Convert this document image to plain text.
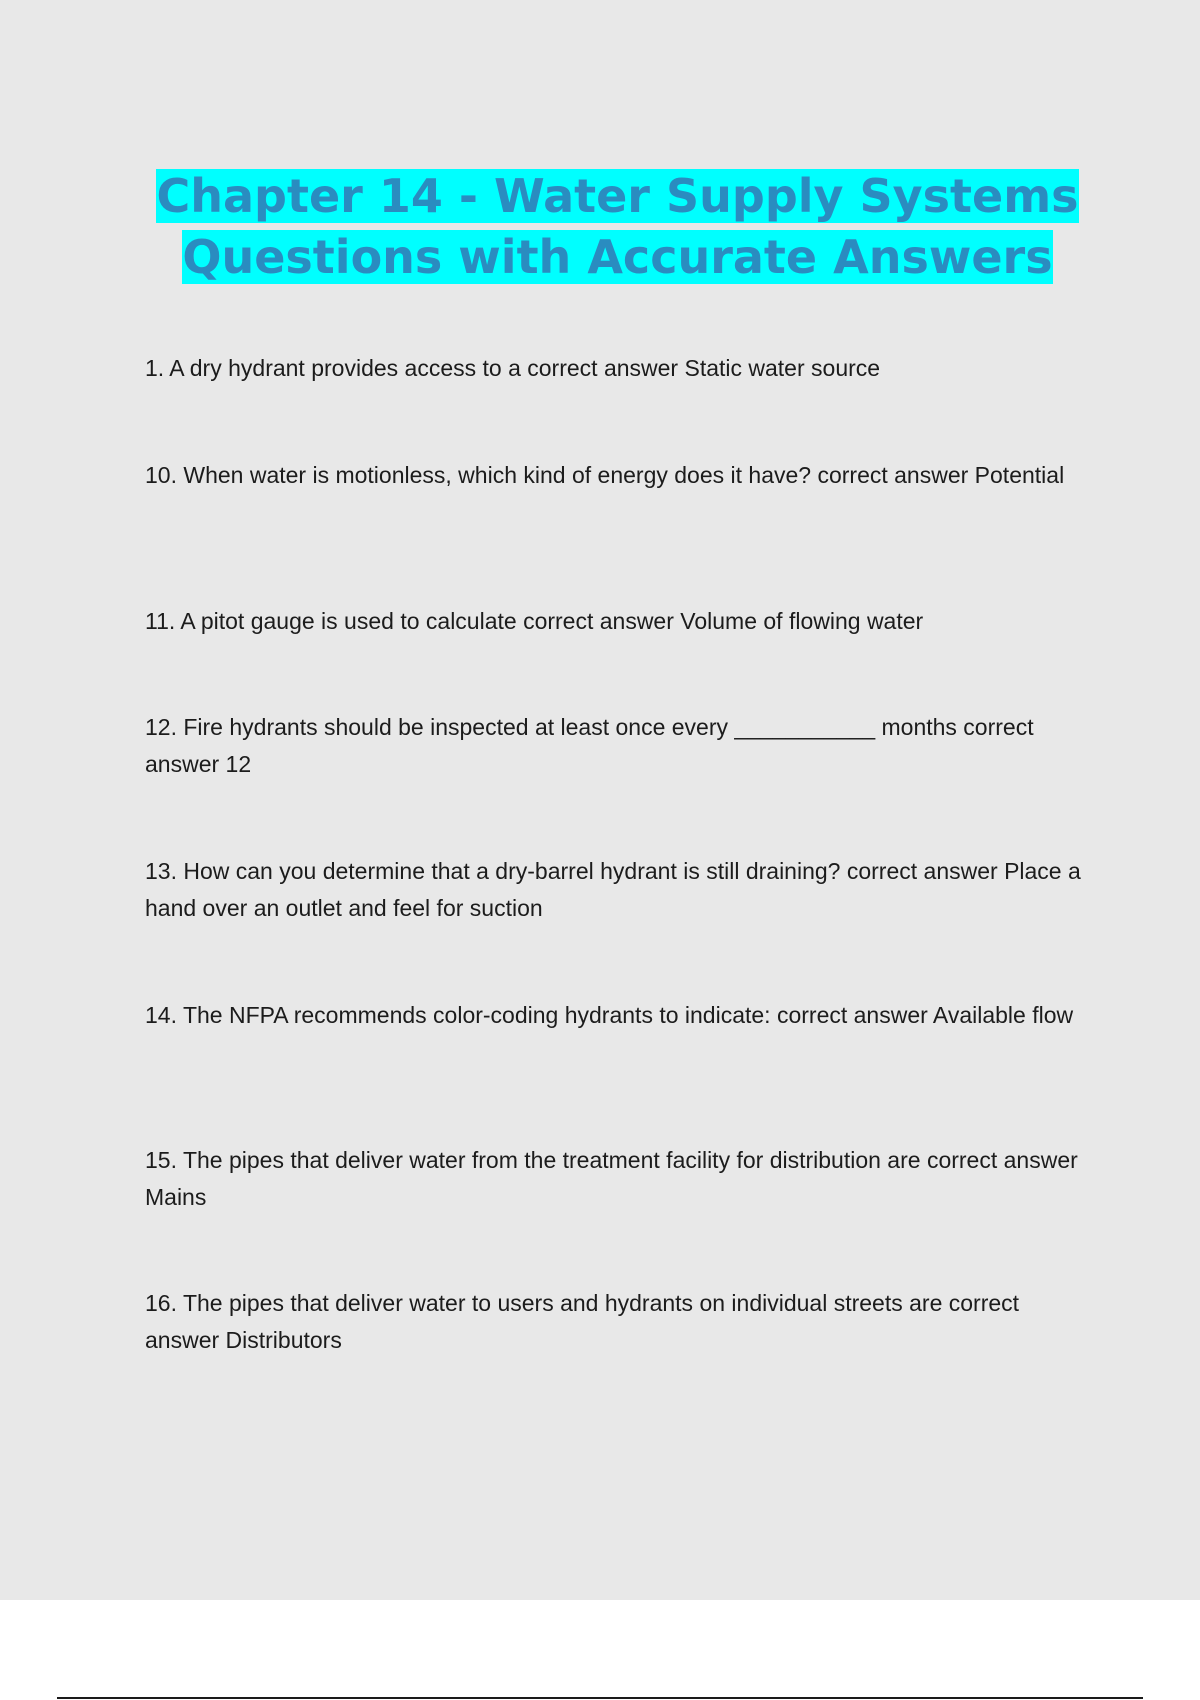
Chapter 14 - Water Supply Systems Questions with Accurate Answers

1. A dry hydrant provides access to a correct answer Static water source

10. When water is motionless, which kind of energy does it have? correct answer Potential

11. A pitot gauge is used to calculate correct answer Volume of flowing water

12. Fire hydrants should be inspected at least once every ___________ months correct answer 12

13. How can you determine that a dry-barrel hydrant is still draining? correct answer Place a hand over an outlet and feel for suction

14. The NFPA recommends color-coding hydrants to indicate: correct answer Available flow

15. The pipes that deliver water from the treatment facility for distribution are correct answer Mains

16. The pipes that deliver water to users and hydrants on individual streets are correct answer Distributors
